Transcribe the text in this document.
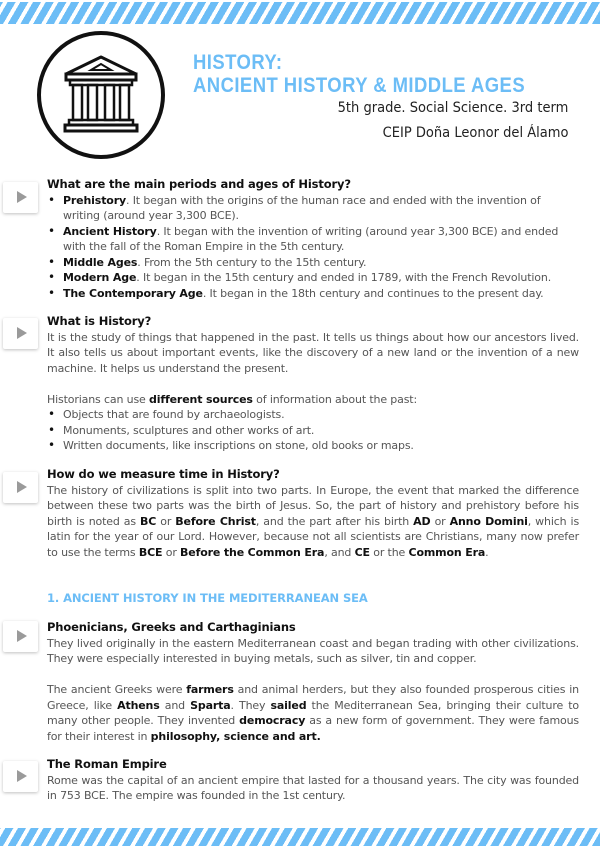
HISTORY:
ANCIENT HISTORY & MIDDLE AGES
5th grade. Social Science. 3rd term
CEIP Doña Leonor del Álamo
What are the main periods and ages of History?
• Prehistory. It began with the origins of the human race and ended with the invention of writing (around year 3,300 BCE).
• Ancient History. It began with the invention of writing (around year 3,300 BCE) and ended with the fall of the Roman Empire in the 5th century.
• Middle Ages. From the 5th century to the 15th century.
• Modern Age. It began in the 15th century and ended in 1789, with the French Revolution.
• The Contemporary Age. It began in the 18th century and continues to the present day.
What is History?

It is the study of things that happened in the past. It tells us things about how our ancestors lived. It also tells us about important events, like the discovery of a new land or the invention of a new machine. It helps us understand the present.

Historians can use different sources of information about the past:

• Objects that are found by archaeologists.
• Monuments, sculptures and other works of art.
• Written documents, like inscriptions on stone, old books or maps.
How do we measure time in History?

The history of civilizations is split into two parts. In Europe, the event that marked the difference between these two parts was the birth of Jesus. So, the part of history and prehistory before his birth is noted as BC or Before Christ, and the part after his birth AD or Anno Domini, which is latin for the year of our Lord. However, because not all scientists are Christians, many now prefer to use the terms BCE or Before the Common Era, and CE or the Common Era.

1. ANCIENT HISTORY IN THE MEDITERRANEAN SEA
Phoenicians, Greeks and Carthaginians

They lived originally in the eastern Mediterranean coast and began trading with other civilizations. They were especially interested in buying metals, such as silver, tin and copper.

The ancient Greeks were farmers and animal herders, but they also founded prosperous cities in Greece, like Athens and Sparta. They sailed the Mediterranean Sea, bringing their culture to many other people. They invented democracy as a new form of government. They were famous for their interest in philosophy, science and art.

The Roman Empire

Rome was the capital of an ancient empire that lasted for a thousand years. The city was founded in 753 BCE. The empire was founded in the 1st century.
